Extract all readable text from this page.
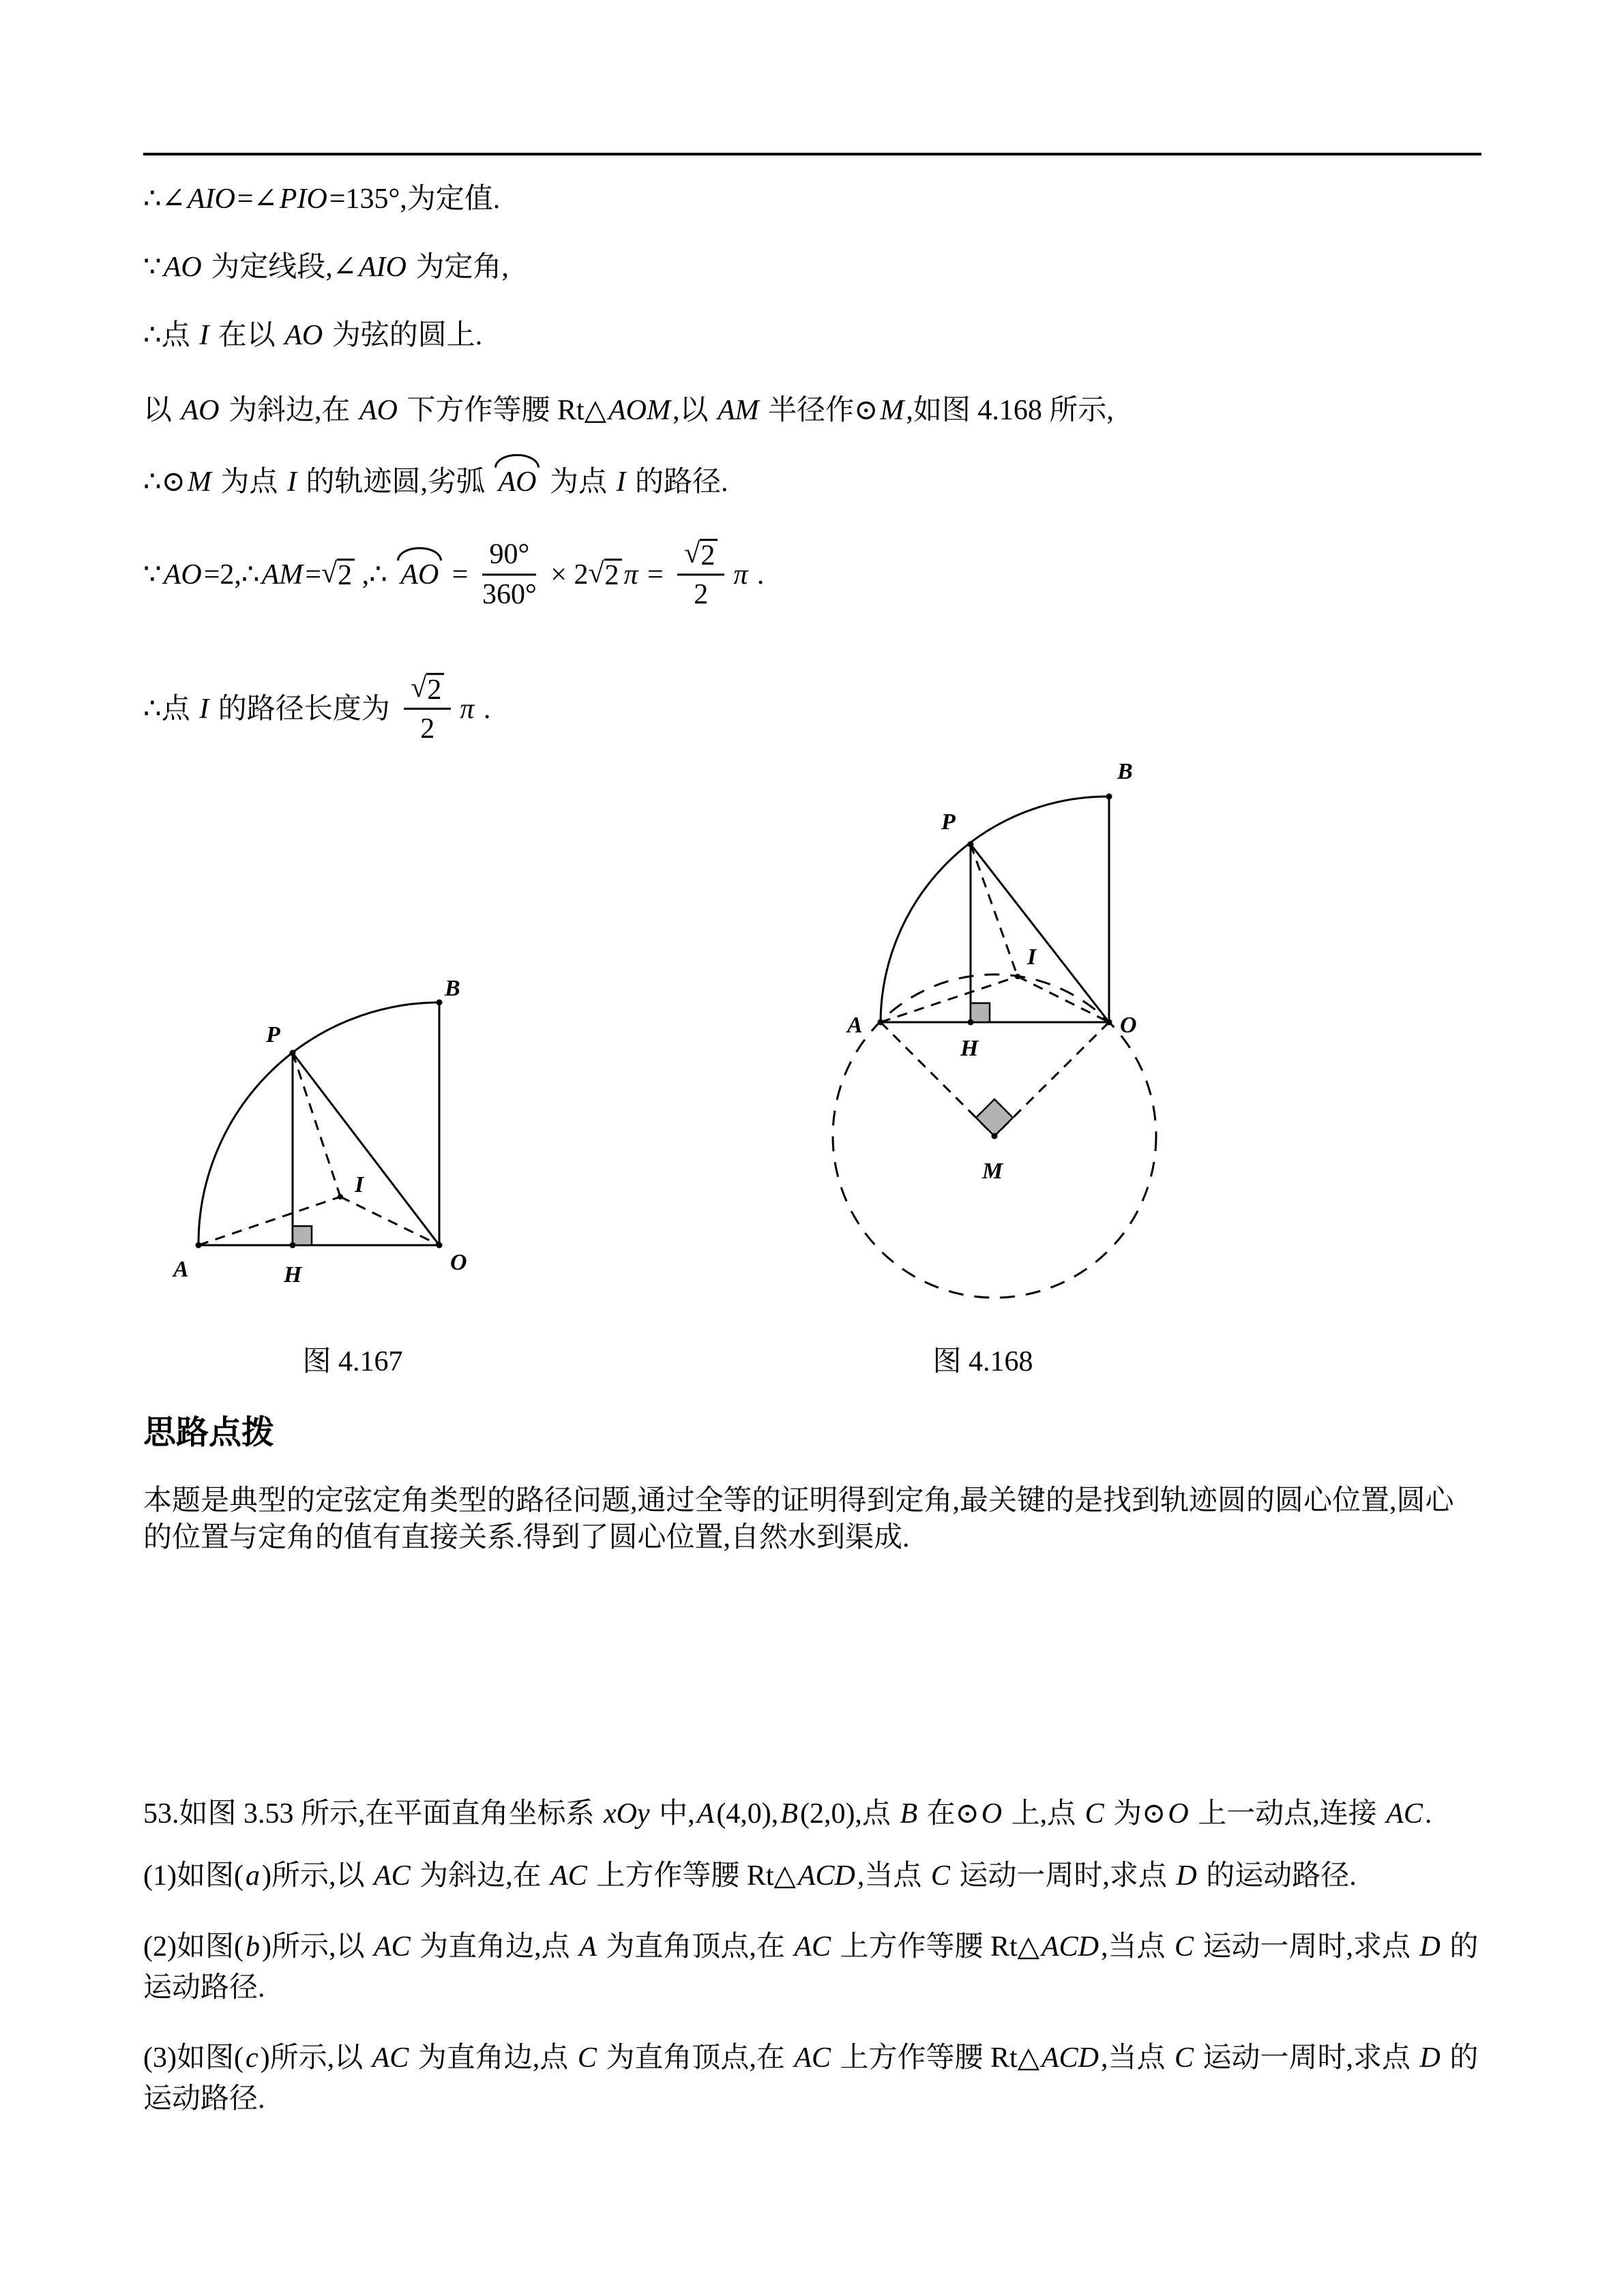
∴∠AIO=∠PIO=135°,为定值.
∵AO 为定线段,∠AIO 为定角,
∴点 I 在以 AO 为弦的圆上.
以 AO 为斜边,在 AO 下方作等腰 Rt△AOM,以 AM 半径作⊙M,如图 4.168 所示,
∴⊙M 为点 I 的轨迹圆,劣弧
AO 为点 I 的路径.
∵ AO =2,∴ AM = √ 2 ,∴ AO = $\frac{90^\circ}{360^\circ} \times 2$ √ 2 $\pi = \frac{√ 2}{2}$ π .
∴点 I 的路径长度为 $\frac{√ 2}{2}$ π .
A	H	O
B
P
I
A
H
O
B
P
I
M
图 4.167	图 4.168
思路点拨
本题是典型的定弦定角类型的路径问题,通过全等的证明得到定角,最关键的是找到轨迹圆的圆心位置,圆心
的位置与定角的值有直接关系.得到了圆心位置,自然水到渠成.
53.如图 3.53 所示,在平面直角坐标系 xOy 中,A(4,0),B(2,0),点 B 在⊙O 上,点 C 为⊙O 上一动点,连接 AC.
(1)如图(a)所示,以 AC 为斜边,在 AC 上方作等腰 Rt△ACD,当点 C 运动一周时,求点 D 的运动路径.
(2)如图(b)所示,以 AC 为直角边,点 A 为直角顶点,在 AC 上方作等腰 Rt△ACD,当点 C 运动一周时,求点 D 的
运动路径.
(3)如图(c)所示,以 AC 为直角边,点 C 为直角顶点,在 AC 上方作等腰 Rt△ACD,当点 C 运动一周时,求点 D 的
运动路径.
